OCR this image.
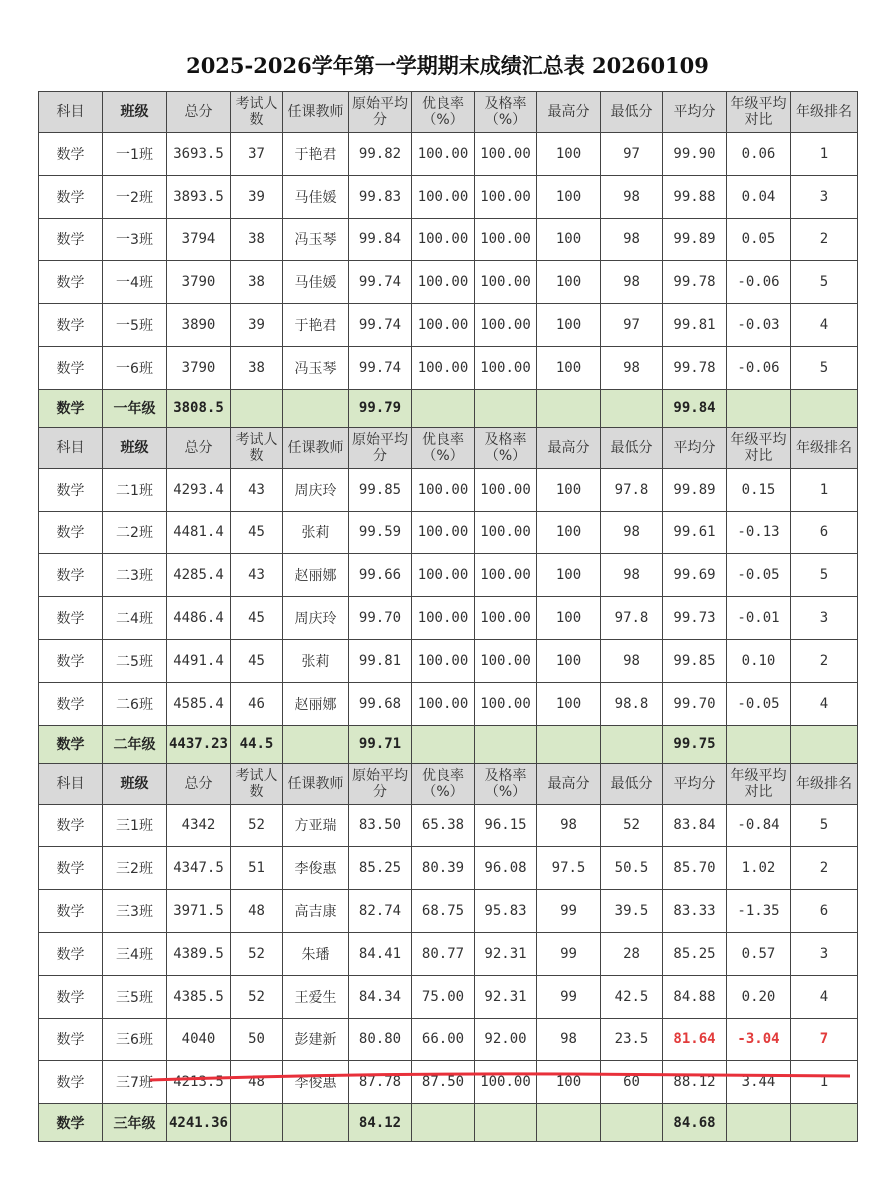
2025-2026学年第一学期期末成绩汇总表 20260109
科目	班级	总分	考试人数	任课教师	原始平均分	优良率（%）	及格率（%）	最高分	最低分	平均分	年级平均对比	年级排名
数学	一1班	3693.5	37	于艳君	99.82	100.00	100.00	100	97	99.90	0.06	1
数学	一2班	3893.5	39	马佳媛	99.83	100.00	100.00	100	98	99.88	0.04	3
数学	一3班	3794	38	冯玉琴	99.84	100.00	100.00	100	98	99.89	0.05	2
数学	一4班	3790	38	马佳媛	99.74	100.00	100.00	100	98	99.78	-0.06	5
数学	一5班	3890	39	于艳君	99.74	100.00	100.00	100	97	99.81	-0.03	4
数学	一6班	3790	38	冯玉琴	99.74	100.00	100.00	100	98	99.78	-0.06	5
数学	一年级	3808.5			99.79					99.84		
科目	班级	总分	考试人数	任课教师	原始平均分	优良率（%）	及格率（%）	最高分	最低分	平均分	年级平均对比	年级排名
数学	二1班	4293.4	43	周庆玲	99.85	100.00	100.00	100	97.8	99.89	0.15	1
数学	二2班	4481.4	45	张莉	99.59	100.00	100.00	100	98	99.61	-0.13	6
数学	二3班	4285.4	43	赵丽娜	99.66	100.00	100.00	100	98	99.69	-0.05	5
数学	二4班	4486.4	45	周庆玲	99.70	100.00	100.00	100	97.8	99.73	-0.01	3
数学	二5班	4491.4	45	张莉	99.81	100.00	100.00	100	98	99.85	0.10	2
数学	二6班	4585.4	46	赵丽娜	99.68	100.00	100.00	100	98.8	99.70	-0.05	4
数学	二年级	4437.23	44.5		99.71					99.75		
科目	班级	总分	考试人数	任课教师	原始平均分	优良率（%）	及格率（%）	最高分	最低分	平均分	年级平均对比	年级排名
数学	三1班	4342	52	方亚瑞	83.50	65.38	96.15	98	52	83.84	-0.84	5
数学	三2班	4347.5	51	李俊惠	85.25	80.39	96.08	97.5	50.5	85.70	1.02	2
数学	三3班	3971.5	48	高吉康	82.74	68.75	95.83	99	39.5	83.33	-1.35	6
数学	三4班	4389.5	52	朱璠	84.41	80.77	92.31	99	28	85.25	0.57	3
数学	三5班	4385.5	52	王爱生	84.34	75.00	92.31	99	42.5	84.88	0.20	4
数学	三6班	4040	50	彭建新	80.80	66.00	92.00	98	23.5	81.64	-3.04	7
数学	三7班	4213.5	48	李俊惠	87.78	87.50	100.00	100	60	88.12	3.44	1
数学	三年级	4241.36			84.12					84.68		
